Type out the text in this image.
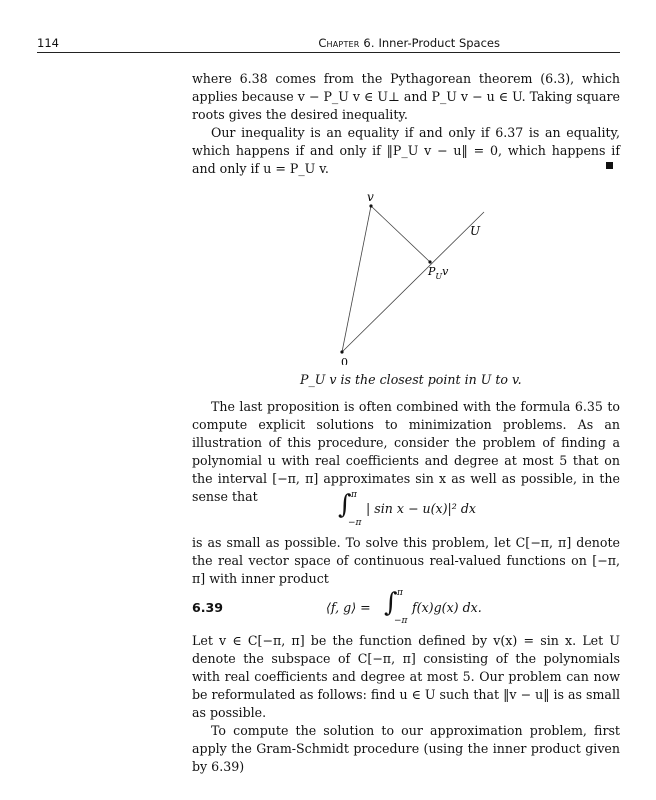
114	Chapter 6. Inner-Product Spaces

where 6.38 comes from the Pythagorean theorem (6.3), which applies because v − P_U v ∈ U⊥ and P_U v − u ∈ U. Taking square roots gives the desired inequality.

Our inequality is an equality if and only if 6.37 is an equality, which happens if and only if ‖P_U v − u‖ = 0, which happens if and only if u = P_U v.

v
U
$P_Uv$
0
P_U v is the closest point in U to v.

The last proposition is often combined with the formula 6.35 to compute explicit solutions to minimization problems. As an illustration of this procedure, consider the problem of finding a polynomial u with real coefficients and degree at most 5 that on the interval [−π, π] approximates sin x as well as possible, in the sense that	∫ π
−π
| sin x − u(x)|² dx

is as small as possible. To solve this problem, let C[−π, π] denote the real vector space of continuous real-valued functions on [−π, π] with inner product

6.39	⟨f, g⟩ = ∫ π
−π
f(x)g(x) dx.

Let v ∈ C[−π, π] be the function defined by v(x) = sin x. Let U denote the subspace of C[−π, π] consisting of the polynomials with real coefficients and degree at most 5. Our problem can now be reformulated as follows: find u ∈ U such that ‖v − u‖ is as small as possible.

To compute the solution to our approximation problem, first apply the Gram-Schmidt procedure (using the inner product given by 6.39)
